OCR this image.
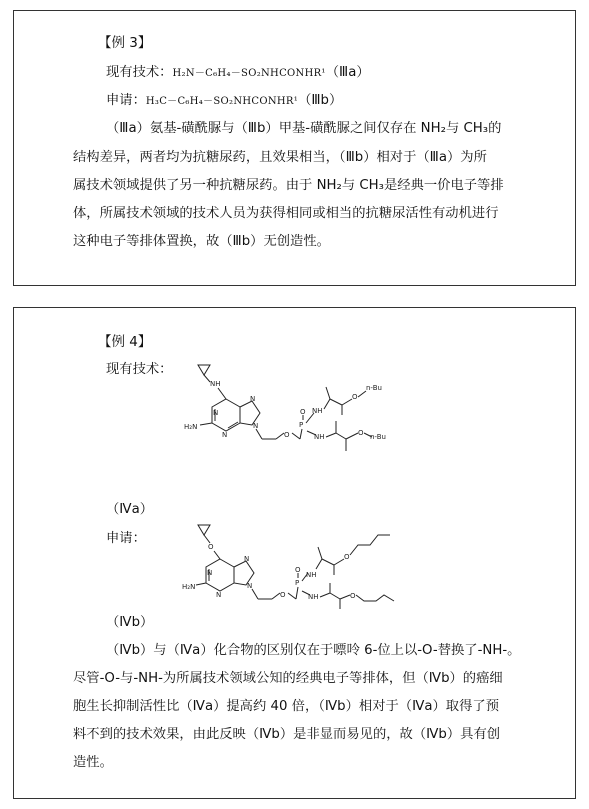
【例 3】
现有技术：H₂N－C₆H₄－SO₂NHCONHR¹（Ⅲa）
申请：H₃C－C₆H₄－SO₂NHCONHR¹（Ⅲb）
（Ⅲa）氨基-磺酰脲与（Ⅲb）甲基-磺酰脲之间仅存在 NH₂与 CH₃的
结构差异，两者均为抗糖尿药，且效果相当，（Ⅲb）相对于（Ⅲa）为所
属技术领域提供了另一种抗糖尿药。由于 NH₂与 CH₃是经典一价电子等排
体，所属技术领域的技术人员为获得相同或相当的抗糖尿活性有动机进行
这种电子等排体置换，故（Ⅲb）无创造性。
【例 4】
现有技术：
NH
N
N
N
N
H₂N
O
P
O NH
O
n-Bu
NH	O n-Bu
（Ⅳa）
申请：
O
N
N
N
N
H₂N
O
P
O
NH
O
NH	O
（Ⅳb）
（Ⅳb）与（Ⅳa）化合物的区别仅在于嘌呤 6-位上以-O-替换了-NH-。
尽管-O-与-NH-为所属技术领域公知的经典电子等排体，但（Ⅳb）的癌细
胞生长抑制活性比（Ⅳa）提高约 40 倍，（Ⅳb）相对于（Ⅳa）取得了预
料不到的技术效果，由此反映（Ⅳb）是非显而易见的，故（Ⅳb）具有创
造性。
